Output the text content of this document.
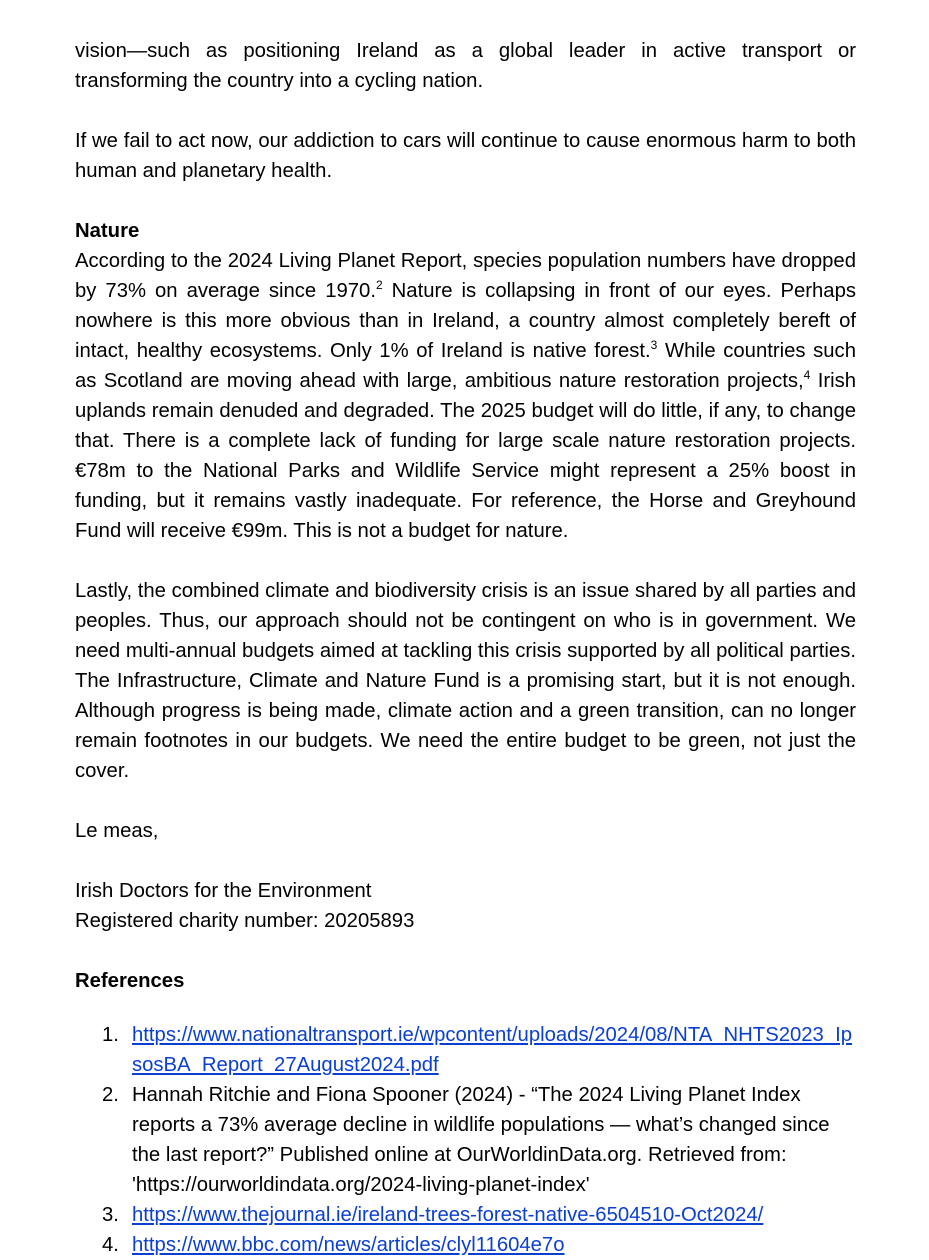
vision—such as positioning Ireland as a global leader in active transport or transforming the country into a cycling nation.

If we fail to act now, our addiction to cars will continue to cause enormous harm to both human and planetary health.

Nature

According to the 2024 Living Planet Report, species population numbers have dropped by 73% on average since 1970.$^2$ Nature is collapsing in front of our eyes. Perhaps nowhere is this more obvious than in Ireland, a country almost completely bereft of intact, healthy ecosystems. Only 1% of Ireland is native forest.$^3$ While countries such as Scotland are moving ahead with large, ambitious nature restoration projects,$^4$ Irish uplands remain denuded and degraded. The 2025 budget will do little, if any, to change that. There is a complete lack of funding for large scale nature restoration projects. €78m to the National Parks and Wildlife Service might represent a 25% boost in funding, but it remains vastly inadequate. For reference, the Horse and Greyhound Fund will receive €99m. This is not a budget for nature.

Lastly, the combined climate and biodiversity crisis is an issue shared by all parties and peoples. Thus, our approach should not be contingent on who is in government. We need multi-annual budgets aimed at tackling this crisis supported by all political parties. The Infrastructure, Climate and Nature Fund is a promising start, but it is not enough. Although progress is being made, climate action and a green transition, can no longer remain footnotes in our budgets. We need the entire budget to be green, not just the cover.

Le meas,

Irish Doctors for the Environment

Registered charity number: 20205893

References

1. https://www.nationaltransport.ie/wpcontent/uploads/2024/08/NTA_NHTS2023_IpsosBA_Report_27August2024.pdf
2. Hannah Ritchie and Fiona Spooner (2024) - “The 2024 Living Planet Index reports a 73% average decline in wildlife populations — what’s changed since the last report?” Published online at OurWorldinData.org. Retrieved from: 'https://ourworldindata.org/2024-living-planet-index'
3. https://www.thejournal.ie/ireland-trees-forest-native-6504510-Oct2024/
4. https://www.bbc.com/news/articles/clyl11604e7o
